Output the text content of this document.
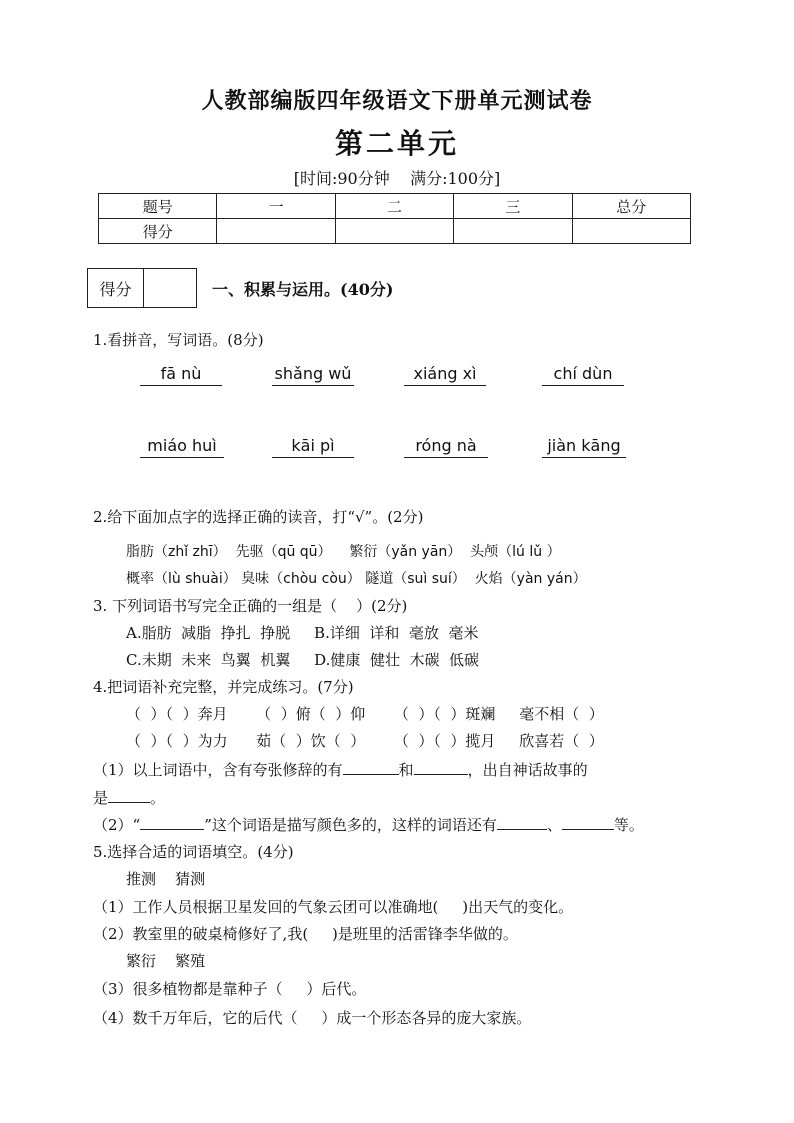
人教部编版四年级语文下册单元测试卷
第二单元
[时间:90分钟    满分:100分]
题号	一	二	三	总分
得分				
得分	一、积累与运用。(40分)
1.看拼音，写词语。(8分)
fā nù	shǎng wǔ	xiáng xì	chí dùn
miáo huì	kāi pì	róng nà	jiàn kāng
2.给下面加点字的选择正确的读音，打“√”。(2分)
脂肪（zhǐ zhī）  先驱（qū qū）    繁衍（yǎn yān）  头颅（lú lǔ ）
概率（lù shuài） 臭味（chòu còu） 隧道（suì suí）  火焰（yàn yán）
3. 下列词语书写完全正确的一组是（    ）(2分)
A.脂肪  减脂  挣扎  挣脱     B.详细  详和  毫放  毫米
C.未期  未来  鸟翼  机翼     D.健康  健壮  木碳  低碳
4.把词语补充完整，并完成练习。(7分)
（  ）（  ）奔月      （  ）俯（  ）仰      （  ）（  ）斑斓     毫不相（  ）
（  ）（  ）为力      茹（  ）饮（  ）      （  ）（  ）揽月     欣喜若（  ）
（1）以上词语中，含有夸张修辞的有	和	，出自神话故事的
是	。
（2）“	”这个词语是描写颜色多的，这样的词语还有	、	等。
5.选择合适的词语填空。(4分)
推测    猜测
（1）工作人员根据卫星发回的气象云团可以准确地(     )出天气的变化。
（2）教室里的破桌椅修好了,我(     )是班里的活雷锋李华做的。
繁衍    繁殖
（3）很多植物都是靠种子（     ）后代。
（4）数千万年后，它的后代（     ）成一个形态各异的庞大家族。
